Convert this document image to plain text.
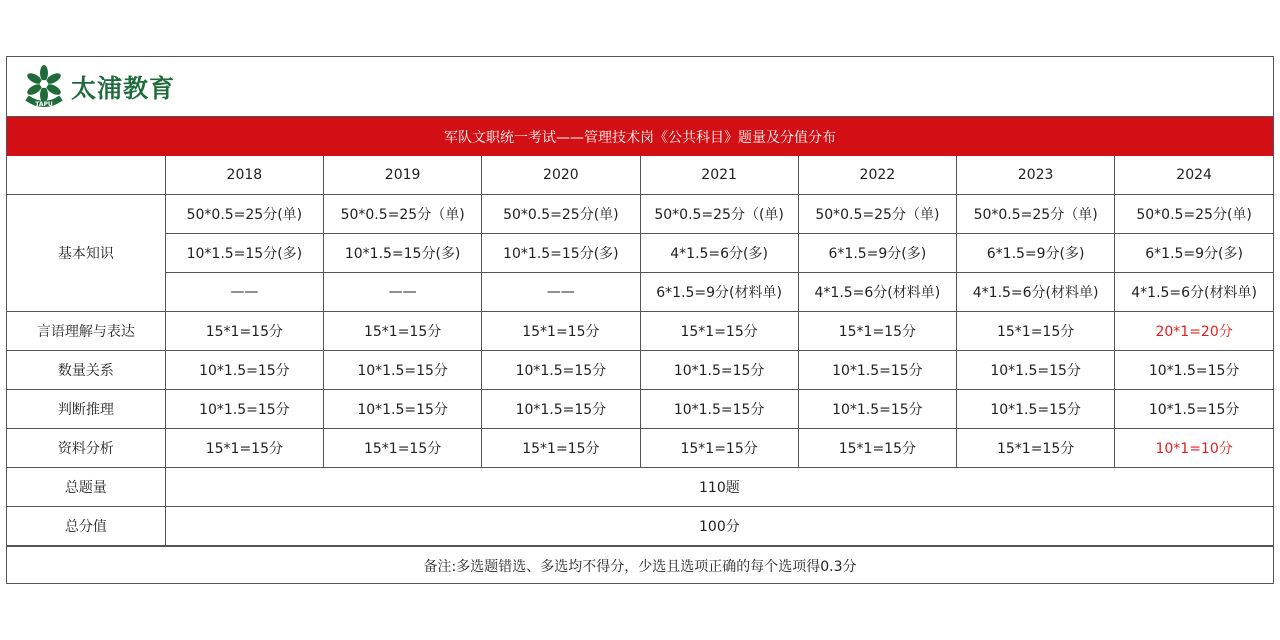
TAPU
太浦教育
军队文职统一考试——管理技术岗《公共科目》题量及分值分布
	2018	2019	2020	2021	2022	2023	2024
基本知识	50*0.5=25分(单)	50*0.5=25分（单)	50*0.5=25分(单)	50*0.5=25分（(单)	50*0.5=25分（单)	50*0.5=25分（单)	50*0.5=25分(单)
	10*1.5=15分(多)	10*1.5=15分(多)	10*1.5=15分(多)	4*1.5=6分(多)	6*1.5=9分(多)	6*1.5=9分(多)	6*1.5=9分(多)
	——	——	——	6*1.5=9分(材料单)	4*1.5=6分(材料单)	4*1.5=6分(材料单)	4*1.5=6分(材料单)
言语理解与表达	15*1=15分	15*1=15分	15*1=15分	15*1=15分	15*1=15分	15*1=15分	20*1=20分
数量关系	10*1.5=15分	10*1.5=15分	10*1.5=15分	10*1.5=15分	10*1.5=15分	10*1.5=15分	10*1.5=15分
判断推理	10*1.5=15分	10*1.5=15分	10*1.5=15分	10*1.5=15分	10*1.5=15分	10*1.5=15分	10*1.5=15分
资料分析	15*1=15分	15*1=15分	15*1=15分	15*1=15分	15*1=15分	15*1=15分	10*1=10分
总题量	110题						
总分值	100分						
备注:多选题错选、多选均不得分，少选且选项正确的每个选项得0.3分
